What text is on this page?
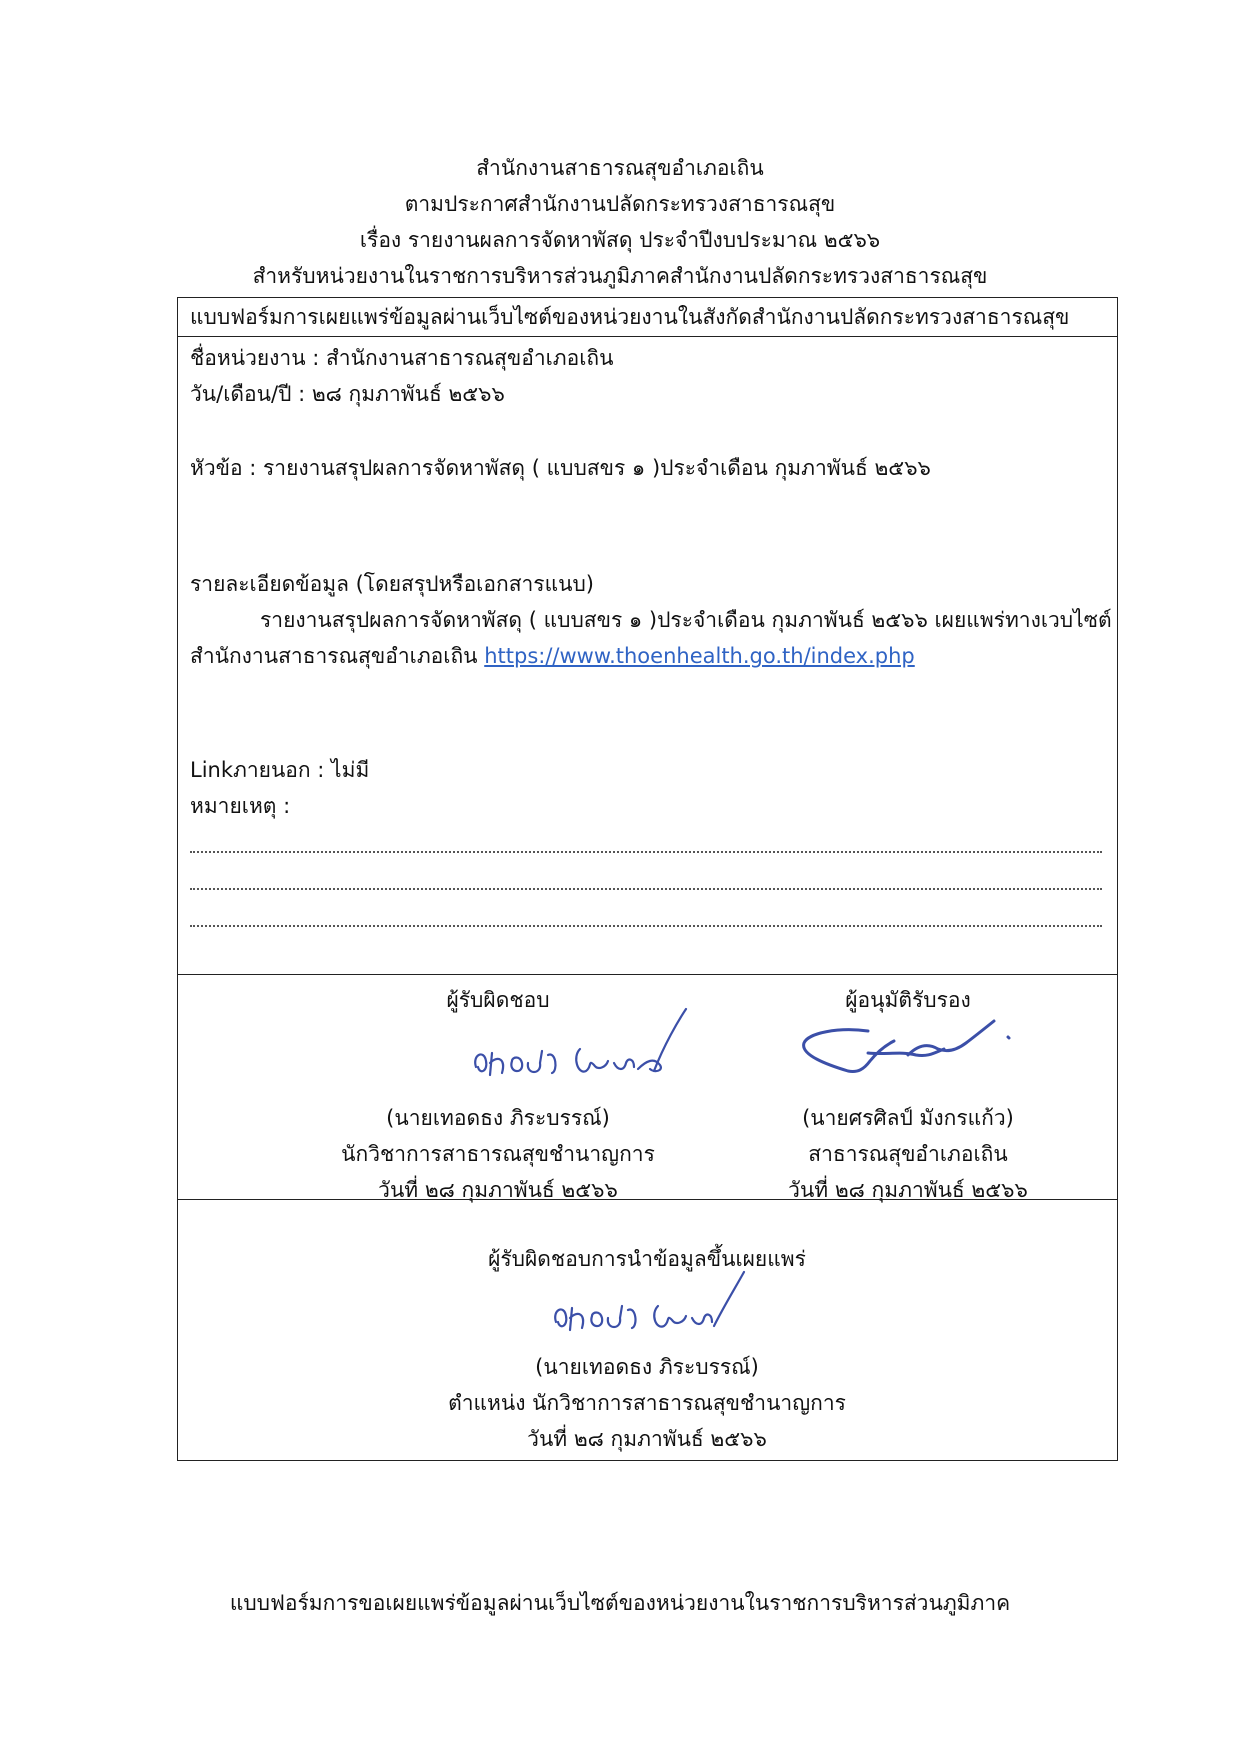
สำนักงานสาธารณสุขอำเภอเถิน
ตามประกาศสำนักงานปลัดกระทรวงสาธารณสุข
เรื่อง รายงานผลการจัดหาพัสดุ ประจำปีงบประมาณ ๒๕๖๖
สำหรับหน่วยงานในราชการบริหารส่วนภูมิภาคสำนักงานปลัดกระทรวงสาธารณสุข
แบบฟอร์มการเผยแพร่ข้อมูลผ่านเว็บไซต์ของหน่วยงานในสังกัดสำนักงานปลัดกระทรวงสาธารณสุข
ชื่อหน่วยงาน : สำนักงานสาธารณสุขอำเภอเถิน
วัน/เดือน/ปี : ๒๘ กุมภาพันธ์ ๒๕๖๖
หัวข้อ : รายงานสรุปผลการจัดหาพัสดุ ( แบบสขร ๑ )ประจำเดือน กุมภาพันธ์ ๒๕๖๖
รายละเอียดข้อมูล (โดยสรุปหรือเอกสารแนบ)
รายงานสรุปผลการจัดหาพัสดุ ( แบบสขร ๑ )ประจำเดือน กุมภาพันธ์ ๒๕๖๖ เผยแพร่ทางเวบไซต์
สำนักงานสาธารณสุขอำเภอเถิน https://www.thoenhealth.go.th/index.php
Linkภายนอก : ไม่มี
หมายเหตุ :
ผู้รับผิดชอบ
(นายเทอดธง ภิระบรรณ์)
นักวิชาการสาธารณสุขชำนาญการ
วันที่ ๒๘ กุมภาพันธ์ ๒๕๖๖
ผู้อนุมัติรับรอง
(นายศรศิลป์ มังกรแก้ว)
สาธารณสุขอำเภอเถิน
วันที่ ๒๘ กุมภาพันธ์ ๒๕๖๖
ผู้รับผิดชอบการนำข้อมูลขึ้นเผยแพร่
(นายเทอดธง ภิระบรรณ์)
ตำแหน่ง นักวิชาการสาธารณสุขชำนาญการ
วันที่ ๒๘ กุมภาพันธ์ ๒๕๖๖
แบบฟอร์มการขอเผยแพร่ข้อมูลผ่านเว็บไซต์ของหน่วยงานในราชการบริหารส่วนภูมิภาค
